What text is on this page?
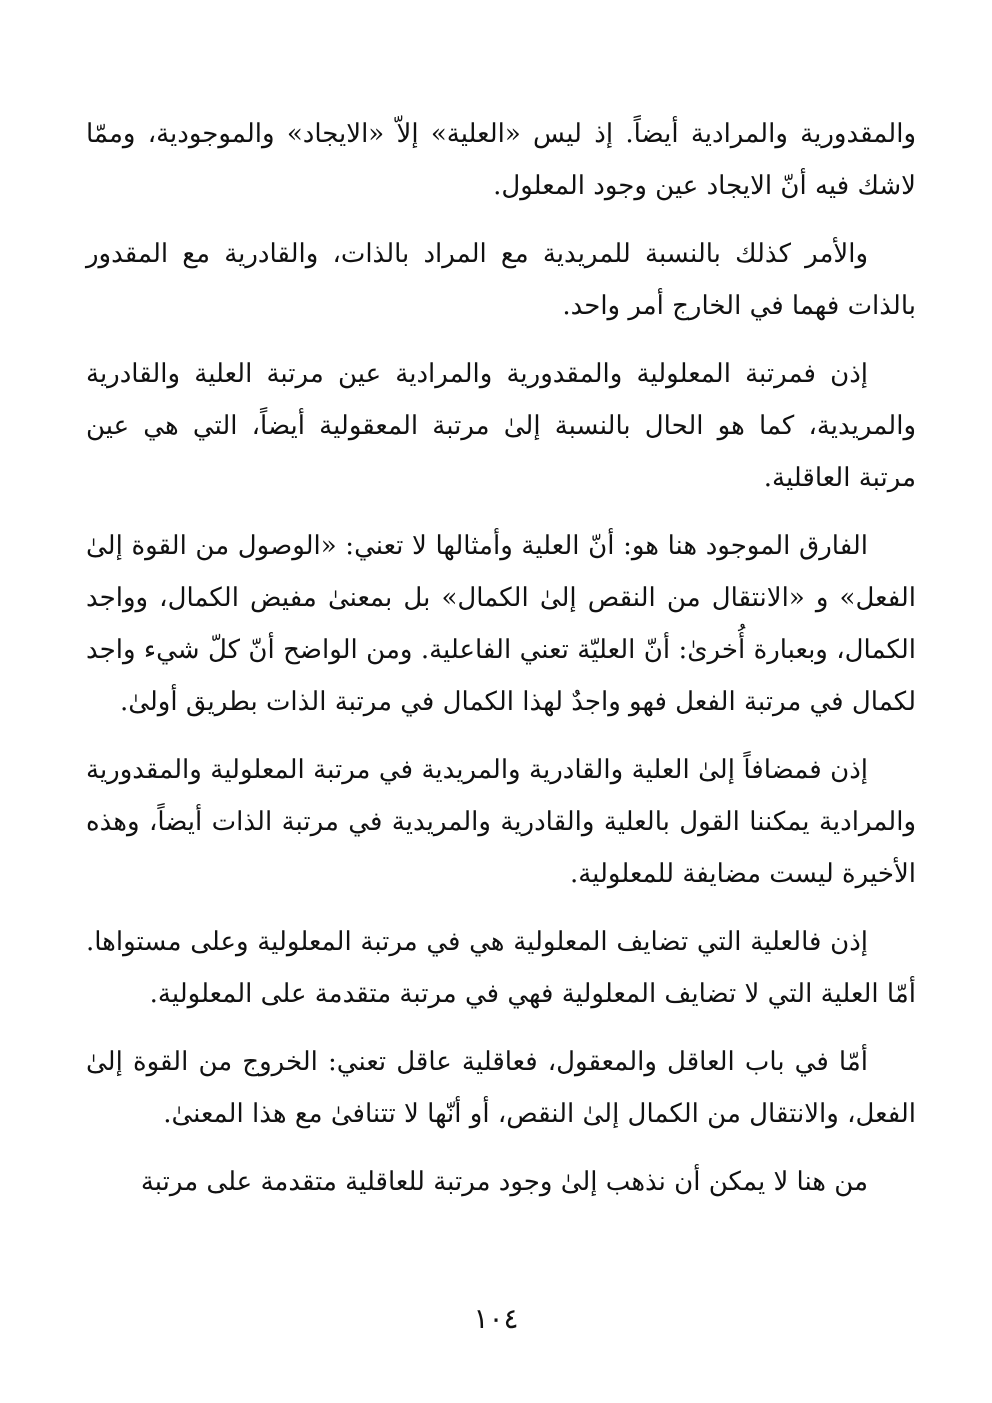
والمقدورية والمرادية أيضاً. إذ ليس «العلية» إلاّ «الايجاد» والموجودية، وممّا لاشك فيه أنّ الايجاد عين وجود المعلول.

والأمر كذلك بالنسبة للمريدية مع المراد بالذات، والقادرية مع المقدور بالذات فهما في الخارج أمر واحد.

إذن فمرتبة المعلولية والمقدورية والمرادية عين مرتبة العلية والقادرية والمريدية، كما هو الحال بالنسبة إلىٰ مرتبة المعقولية أيضاً، التي هي عين مرتبة العاقلية.

الفارق الموجود هنا هو: أنّ العلية وأمثالها لا تعني: «الوصول من القوة إلىٰ الفعل» و «الانتقال من النقص إلىٰ الكمال» بل بمعنىٰ مفيض الكمال، وواجد الكمال، وبعبارة أُخرىٰ: أنّ العليّة تعني الفاعلية. ومن الواضح أنّ كلّ شيء واجد لكمال في مرتبة الفعل فهو واجدٌ لهذا الكمال في مرتبة الذات بطريق أولىٰ.

إذن فمضافاً إلىٰ العلية والقادرية والمريدية في مرتبة المعلولية والمقدورية والمرادية يمكننا القول بالعلية والقادرية والمريدية في مرتبة الذات أيضاً، وهذه الأخيرة ليست مضايفة للمعلولية.

إذن فالعلية التي تضايف المعلولية هي في مرتبة المعلولية وعلى مستواها. أمّا العلية التي لا تضايف المعلولية فهي في مرتبة متقدمة على المعلولية.

أمّا في باب العاقل والمعقول، فعاقلية عاقل تعني: الخروج من القوة إلىٰ الفعل، والانتقال من الكمال إلىٰ النقص، أو أنّها لا تتنافىٰ مع هذا المعنىٰ.

من هنا لا يمكن أن نذهب إلىٰ وجود مرتبة للعاقلية متقدمة على مرتبة

١٠٤
